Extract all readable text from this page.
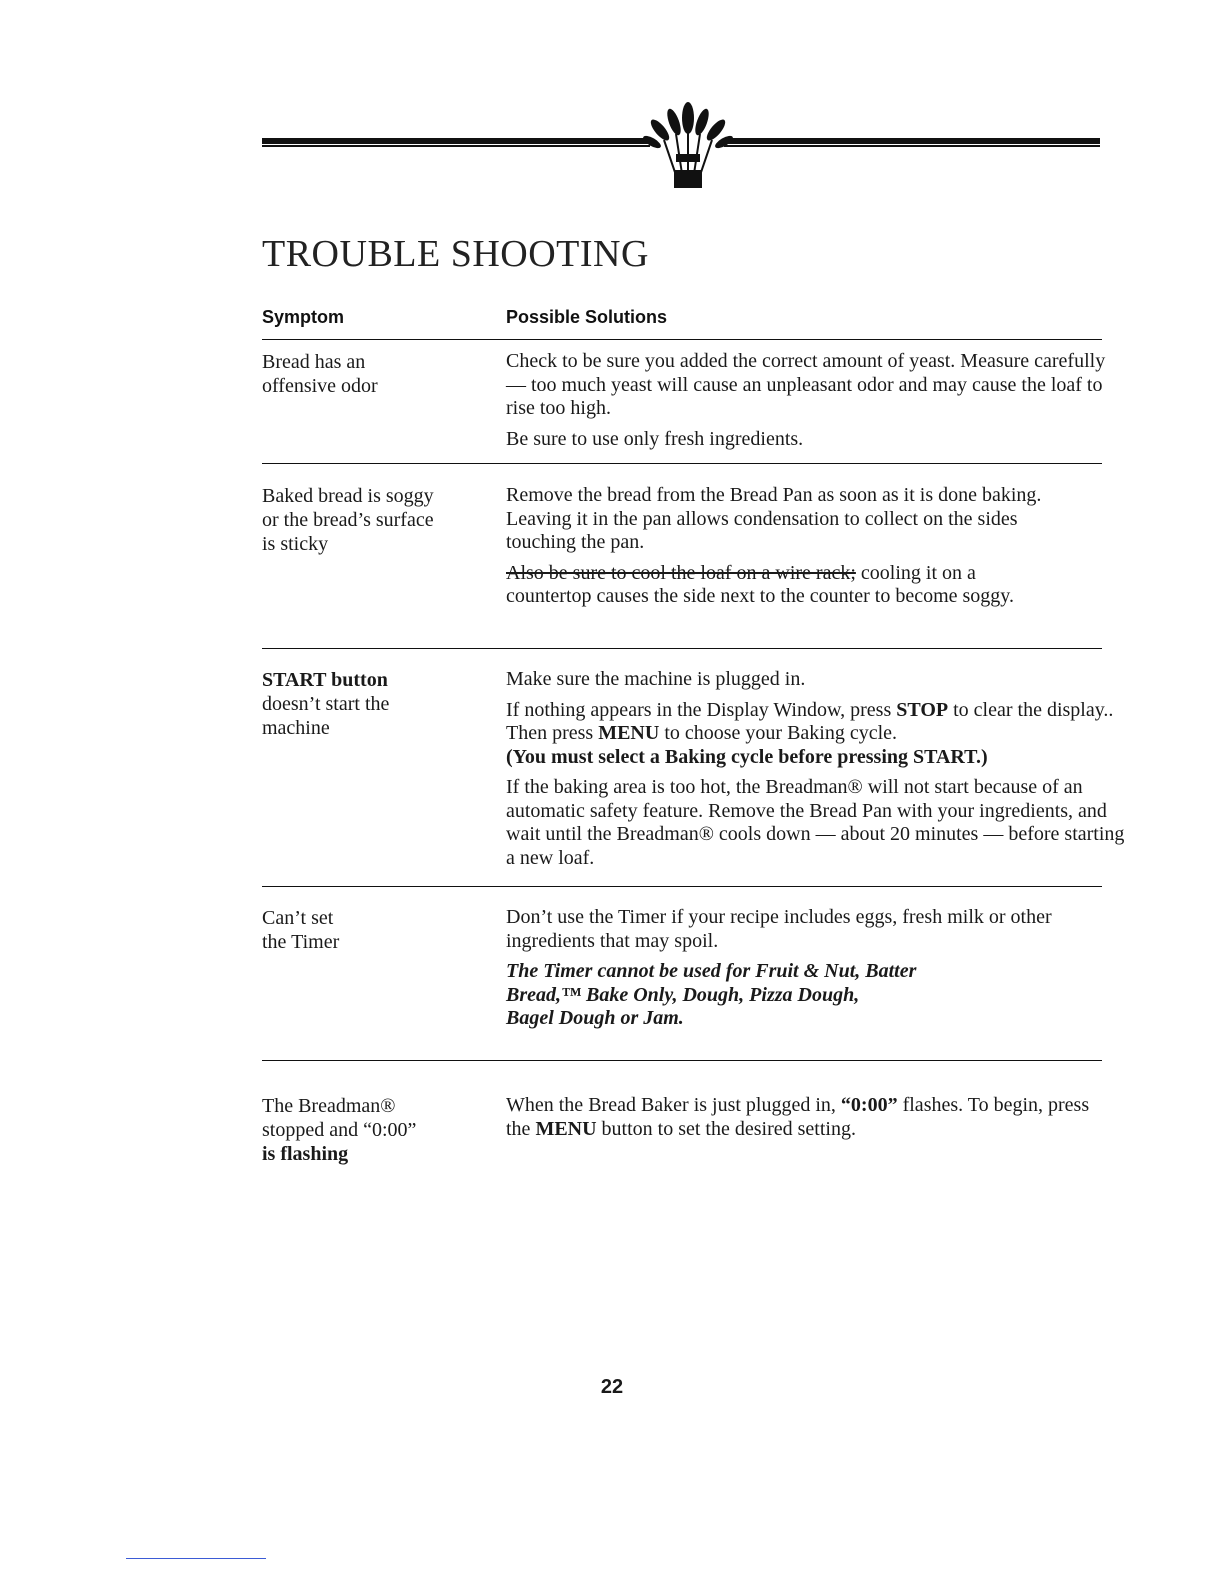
TROUBLE SHOOTING
Symptom	Possible Solutions
Bread has an
offensive odor

Check to be sure you added the correct amount of yeast. Measure carefully — too much yeast will cause an unpleasant odor and may cause the loaf to rise too high.

Be sure to use only fresh ingredients.

Baked bread is soggy
or the bread’s surface
is sticky

Remove the bread from the Bread Pan as soon as it is done baking. Leaving it in the pan allows condensation to collect on the sides touching the pan.

Also be sure to cool the loaf on a wire rack; cooling it on a countertop causes the side next to the counter to become soggy.

START button
doesn’t start the
machine

Make sure the machine is plugged in.

If nothing appears in the Display Window, press STOP to clear the display.. Then press MENU to choose your Baking cycle.
(You must select a Baking cycle before pressing START.)

If the baking area is too hot, the Breadman® will not start because of an automatic safety feature. Remove the Bread Pan with your ingredients, and wait until the Breadman® cools down — about 20 minutes — before starting a new loaf.

Can’t set
the Timer

Don’t use the Timer if your recipe includes eggs, fresh milk or other ingredients that may spoil.

The Timer cannot be used for Fruit & Nut, Batter
Bread,™ Bake Only, Dough, Pizza Dough,
Bagel Dough or Jam.
The Breadman®
stopped and “0:00”
is flashing

When the Bread Baker is just plugged in, “0:00” flashes. To begin, press the MENU button to set the desired setting.

22
